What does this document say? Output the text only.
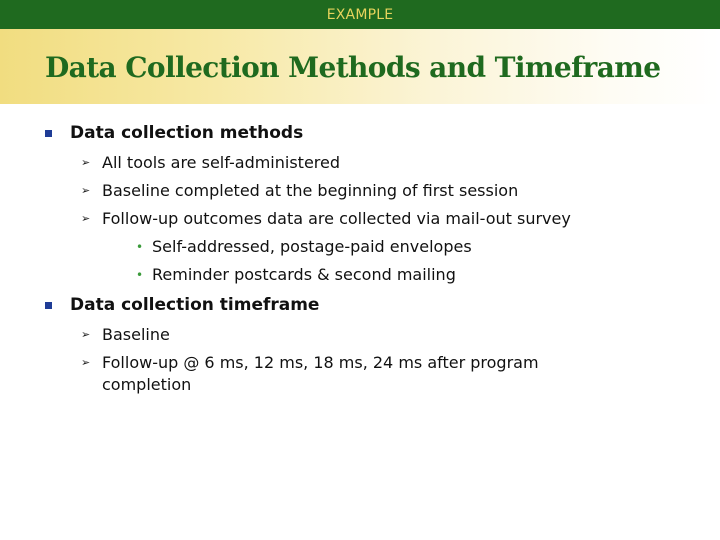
EXAMPLE
Data Collection Methods and Timeframe
Data collection methods
➢ All tools are self-administered
➢ Baseline completed at the beginning of first session
➢ Follow-up outcomes data are collected via mail-out survey
• Self-addressed, postage-paid envelopes
• Reminder postcards & second mailing
Data collection timeframe
➢ Baseline
➢ Follow-up @ 6 ms, 12 ms, 18 ms, 24 ms after program completion
